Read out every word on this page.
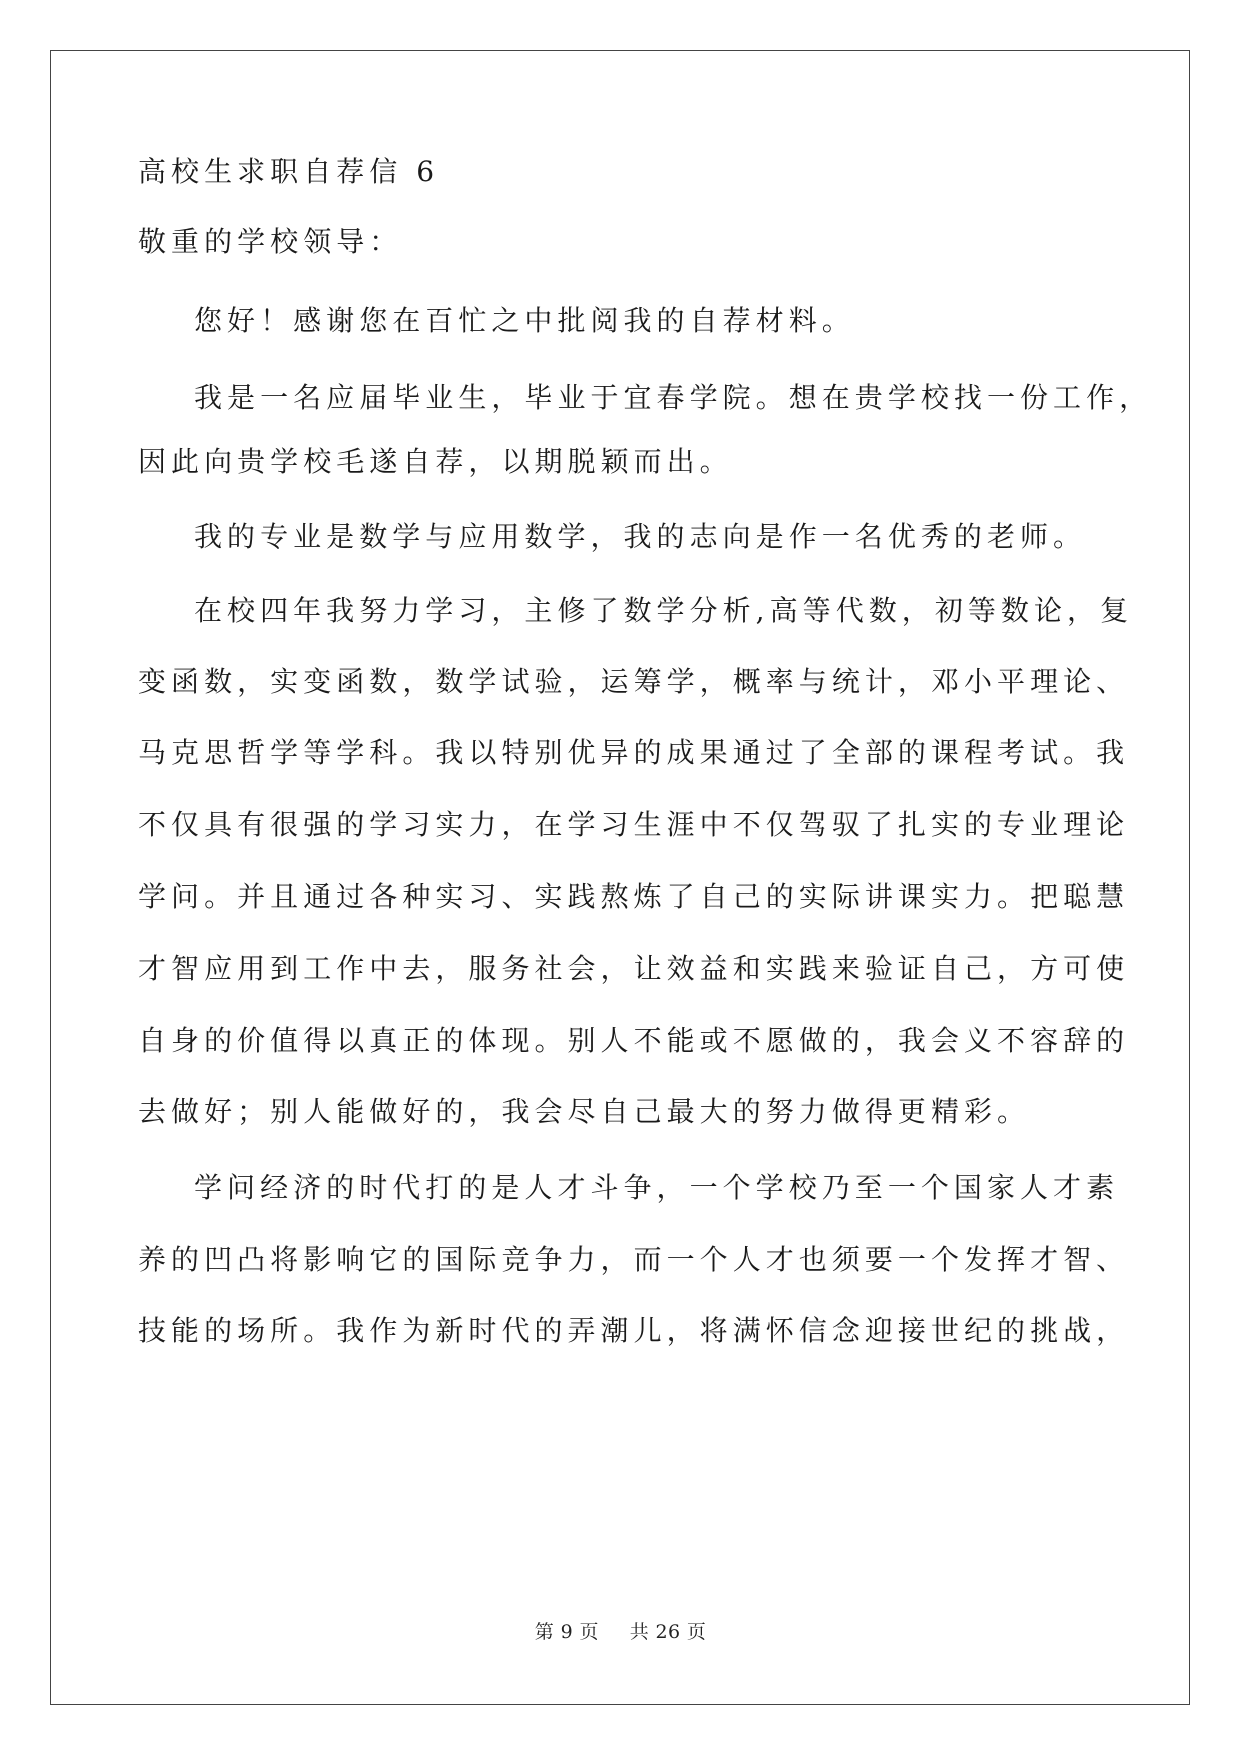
高校生求职自荐信 6
敬重的学校领导：
您好！感谢您在百忙之中批阅我的自荐材料。
我是一名应届毕业生，毕业于宜春学院。想在贵学校找一份工作，
因此向贵学校毛遂自荐，以期脱颖而出。
我的专业是数学与应用数学，我的志向是作一名优秀的老师。
在校四年我努力学习，主修了数学分析,高等代数，初等数论，复
变函数，实变函数，数学试验，运筹学，概率与统计，邓小平理论、
马克思哲学等学科。我以特别优异的成果通过了全部的课程考试。我
不仅具有很强的学习实力，在学习生涯中不仅驾驭了扎实的专业理论
学问。并且通过各种实习、实践熬炼了自己的实际讲课实力。把聪慧
才智应用到工作中去，服务社会，让效益和实践来验证自己，方可使
自身的价值得以真正的体现。别人不能或不愿做的，我会义不容辞的
去做好；别人能做好的，我会尽自己最大的努力做得更精彩。
学问经济的时代打的是人才斗争，一个学校乃至一个国家人才素
养的凹凸将影响它的国际竞争力，而一个人才也须要一个发挥才智、
技能的场所。我作为新时代的弄潮儿，将满怀信念迎接世纪的挑战，
第 9 页 共 26 页
